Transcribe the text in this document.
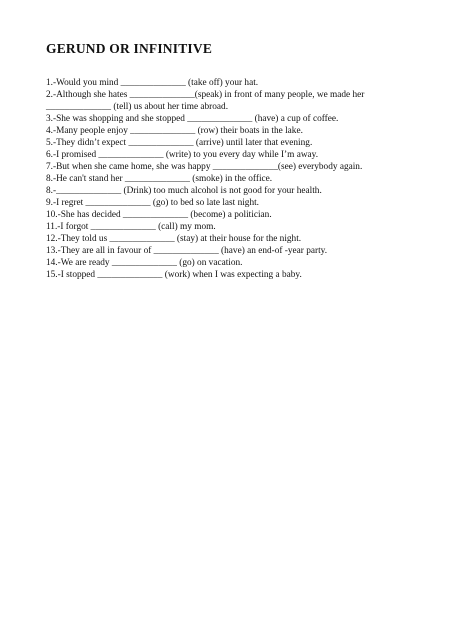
GERUND OR INFINITIVE
1.-Would you mind ______________ (take off) your hat.
2.-Although she hates ______________(speak) in front of many people, we made her
______________ (tell) us about her time abroad.
3.-She was shopping and she stopped ______________ (have) a cup of coffee.
4.-Many people enjoy ______________ (row) their boats in the lake.
5.-They didn’t expect ______________ (arrive) until later that evening.
6.-I promised ______________ (write) to you every day while I’m away.
7.-But when she came home, she was happy ______________(see) everybody again.
8.-He can't stand her ______________ (smoke) in the office.
8.-______________ (Drink) too much alcohol is not good for your health.
9.-I regret ______________ (go) to bed so late last night.
10.-She has decided ______________ (become) a politician.
11.-I forgot ______________ (call) my mom.
12.-They told us ______________ (stay) at their house for the night.
13.-They are all in favour of ______________ (have) an end-of -year party.
14.-We are ready ______________ (go) on vacation.
15.-I stopped ______________ (work) when I was expecting a baby.
